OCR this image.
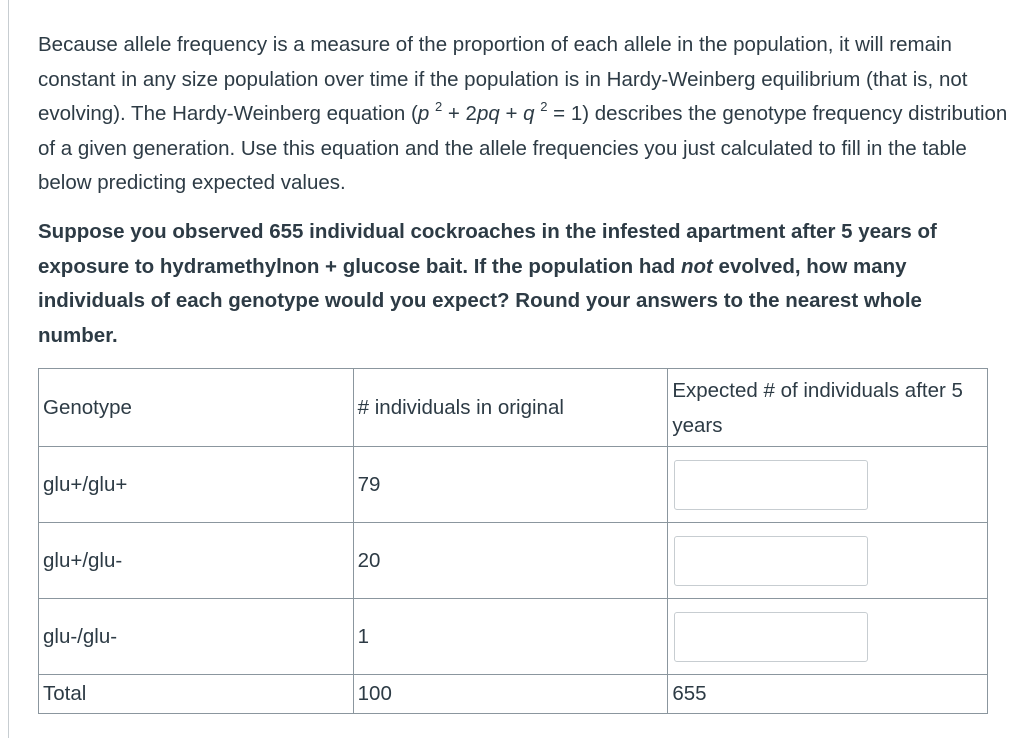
Because allele frequency is a measure of the proportion of each allele in the population, it will remain constant in any size population over time if the population is in Hardy-Weinberg equilibrium (that is, not evolving). The Hardy-Weinberg equation (p $^2$ + 2pq + q $^2$ = 1) describes the genotype frequency distribution of a given generation. Use this equation and the allele frequencies you just calculated to fill in the table below predicting expected values.

Suppose you observed 655 individual cockroaches in the infested apartment after 5 years of exposure to hydramethylnon + glucose bait. If the population had not evolved, how many individuals of each genotype would you expect? Round your answers to the nearest whole number.

Genotype	# individuals in original	Expected # of individuals after 5 years
glu+/glu+	79	

glu+/glu-	20	

glu-/glu-	1	

Total	100	655
